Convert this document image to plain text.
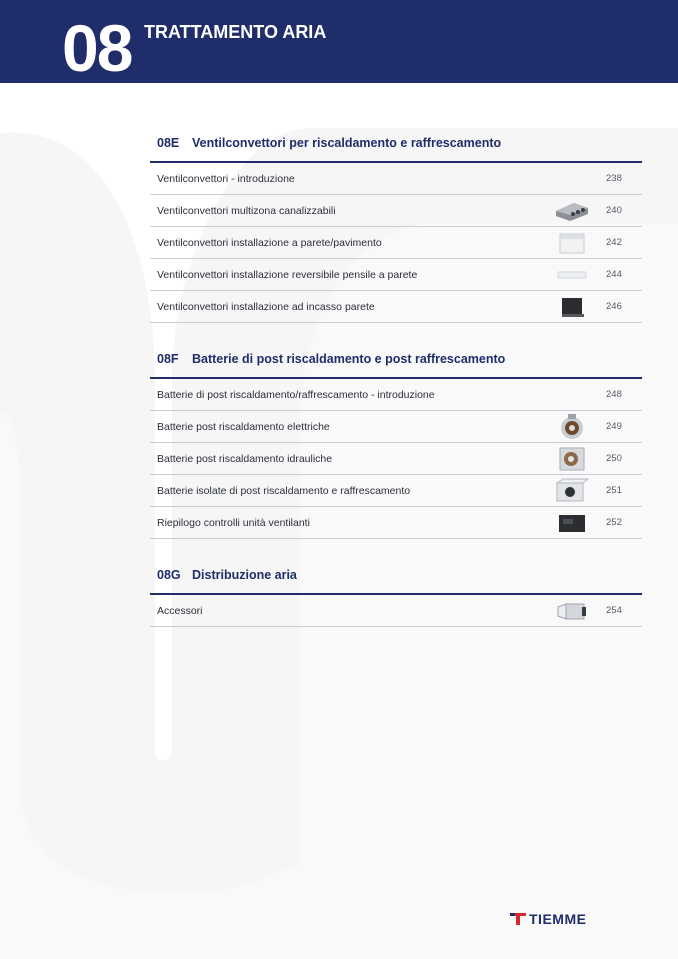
08 TRATTAMENTO ARIA
08E Ventilconvettori per riscaldamento e raffrescamento
Ventilconvettori - introduzione	238
Ventilconvettori multizona canalizzabili	240
Ventilconvettori installazione a parete/pavimento	242
Ventilconvettori installazione reversibile pensile a parete	244
Ventilconvettori installazione ad incasso parete	246
08F Batterie di post riscaldamento e post raffrescamento
Batterie di post riscaldamento/raffrescamento - introduzione	248
Batterie post riscaldamento elettriche	249
Batterie post riscaldamento idrauliche	250
Batterie isolate di post riscaldamento e raffrescamento	251
Riepilogo controlli unità ventilanti	252
08G Distribuzione aria
Accessori	254
TIEMME
